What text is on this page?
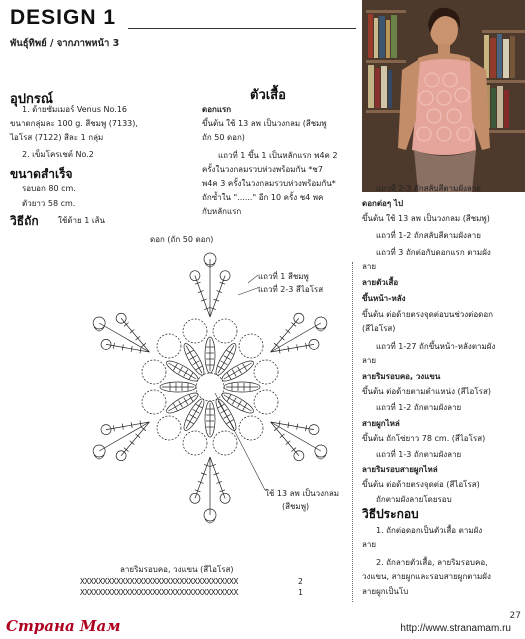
DESIGN 1
พันธุ์ทิพย์ / จากภาพหน้า 3
อุปกรณ์
1. ด้ายซัมเมอร์ Venus No.16
ขนาดกลุ่มละ 100 g. สีชมพู (7133),
ไอโรส (7122) สีละ 1 กลุ่ม
2. เข็มโครเชต์ No.2
ขนาดสำเร็จ
รอบอก 80 cm.
ตัวยาว 58 cm.
วิธีถัก ใช้ด้าย 1 เส้น
ตัวเสื้อ
ดอกแรก
ขึ้นต้น ใช้ 13 ลพ เป็นวงกลม (สีชมพู
ถัก 50 ดอก)
แถวที่ 1 ขึ้น 1 เป็นหลักแรก พ4ค 2
ครั้งในวงกลมรวบห่วงพร้อมกัน *ช7
พ4ค 3 ครั้งในวงกลมรวบห่วงพร้อมกัน*
ถักซ้ำใน "......" อีก 10 ครั้ง ช4 พค
กับหลักแรก
แถวที่ 2-3 ถักสลับสีตามผังลาย
ดอกต่อๆ ไป
ขึ้นต้น ใช้ 13 ลพ เป็นวงกลม (สีชมพู)
แถวที่ 1-2 ถักสลับสีตามผังลาย
แถวที่ 3 ถักต่อกับดอกแรก ตามผัง
ลาย
ลายตัวเสื้อ
ขึ้นหน้า-หลัง
ขึ้นต้น ต่อด้ายตรงจุดต่อบนช่วงต่อดอก
(สีไอโรส)
แถวที่ 1-27 ถักขึ้นหน้า-หลังตามผัง
ลาย
ลายริมรอบคอ, วงแขน
ขึ้นต้น ต่อด้ายตามตำแหน่ง (สีไอโรส)
แถวที่ 1-2 ถักตามผังลาย
สายผูกไหล่
ขึ้นต้น ถักโซ่ยาว 78 cm. (สีไอโรส)
แถวที่ 1-3 ถักตามผังลาย
ลายริมรอบสายผูกไหล่
ขึ้นต้น ต่อด้ายตรงจุดต่อ (สีไอโรส)
ถักตามผังลายโดยรอบ
วิธีประกอบ
1. ถักต่อดอกเป็นตัวเสื้อ ตามผัง
ลาย
2. ถักลายตัวเสื้อ, ลายริมรอบคอ,
วงแขน, สายผูกและรอบสายผูกตามผัง
ลายผูกเป็นโบ
ดอก (ถัก 50 ดอก)
แถวที่ 1 สีชมพู
แถวที่ 2-3 สีไอโรส
ใช้ 13 ลพ เป็นวงกลม
(สีชมพู)
ลายริมรอบคอ, วงแขน (สีไอโรส)
XXXXXXXXXXXXXXXXXXXXXXXXXXXXXXXXXXX
XXXXXXXXXXXXXXXXXXXXXXXXXXXXXXXXXXX
2
1
Страна Мам	http://www.stranamam.ru
27
